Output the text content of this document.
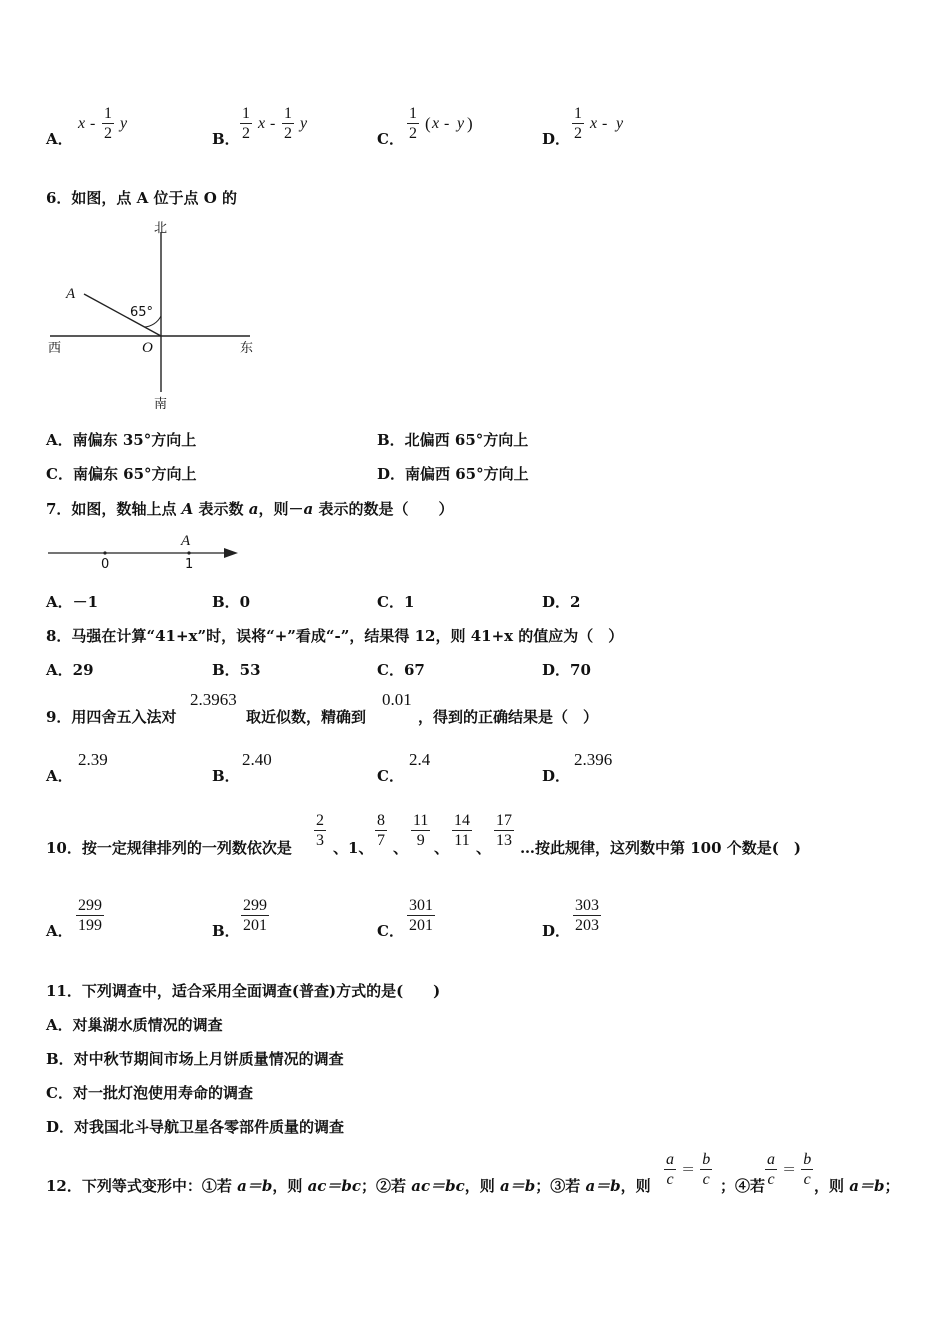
A．
x - $\frac{1}{2}$ y
B． $\frac{1}{2}$ x - $\frac{1}{2}$ y
C． $\frac{1}{2}$ ( x - y )
D． $\frac{1}{2}$ x - y
6．如图，点 A 位于点 O 的
北
南
西	东
A
O
65°
A．南偏东 35°方向上	B．北偏西 65°方向上
C．南偏东 65°方向上	D．南偏西 65°方向上
7．如图，数轴上点 A 表示数 a，则－a 表示的数是（　　）
A
0	1
A．－1	B．0	C．1	D．2
8．马强在计算“41+x”时，误将“+”看成“-”，结果得 12，则 41+x 的值应为（　）
A．29	B．53	C．67	D．70
9．用四舍五入法对
2.3963
取近似数，精确到
0.01
，得到的正确结果是（　）
A．
2.39
B．
2.40
C．
2.4
D．
2.396
10．按一定规律排列的一列数依次是 $\frac{2}{3}$ 、1、 $\frac{8}{7}$ 、 $\frac{11}{9}$ 、 $\frac{14}{11}$ 、 $\frac{17}{13}$ …按此规律，这列数中第 100 个数是(　)
A． $\frac{299}{199}$	B． $\frac{299}{201}$	C． $\frac{301}{201}$	D． $\frac{303}{203}$
11．下列调查中，适合采用全面调查(普查)方式的是(　　)
A．对巢湖水质情况的调查
B．对中秋节期间市场上月饼质量情况的调查
C．对一批灯泡使用寿命的调查
D．对我国北斗导航卫星各零部件质量的调查
12．下列等式变形中：①若 a＝b，则 ac＝bc；②若 ac＝bc，则 a＝b；③若 a＝b，则 $\frac{a}{c} = \frac{b}{c}$ ；④若 $\frac{a}{c} = \frac{b}{c}$ ，则 a＝b；
